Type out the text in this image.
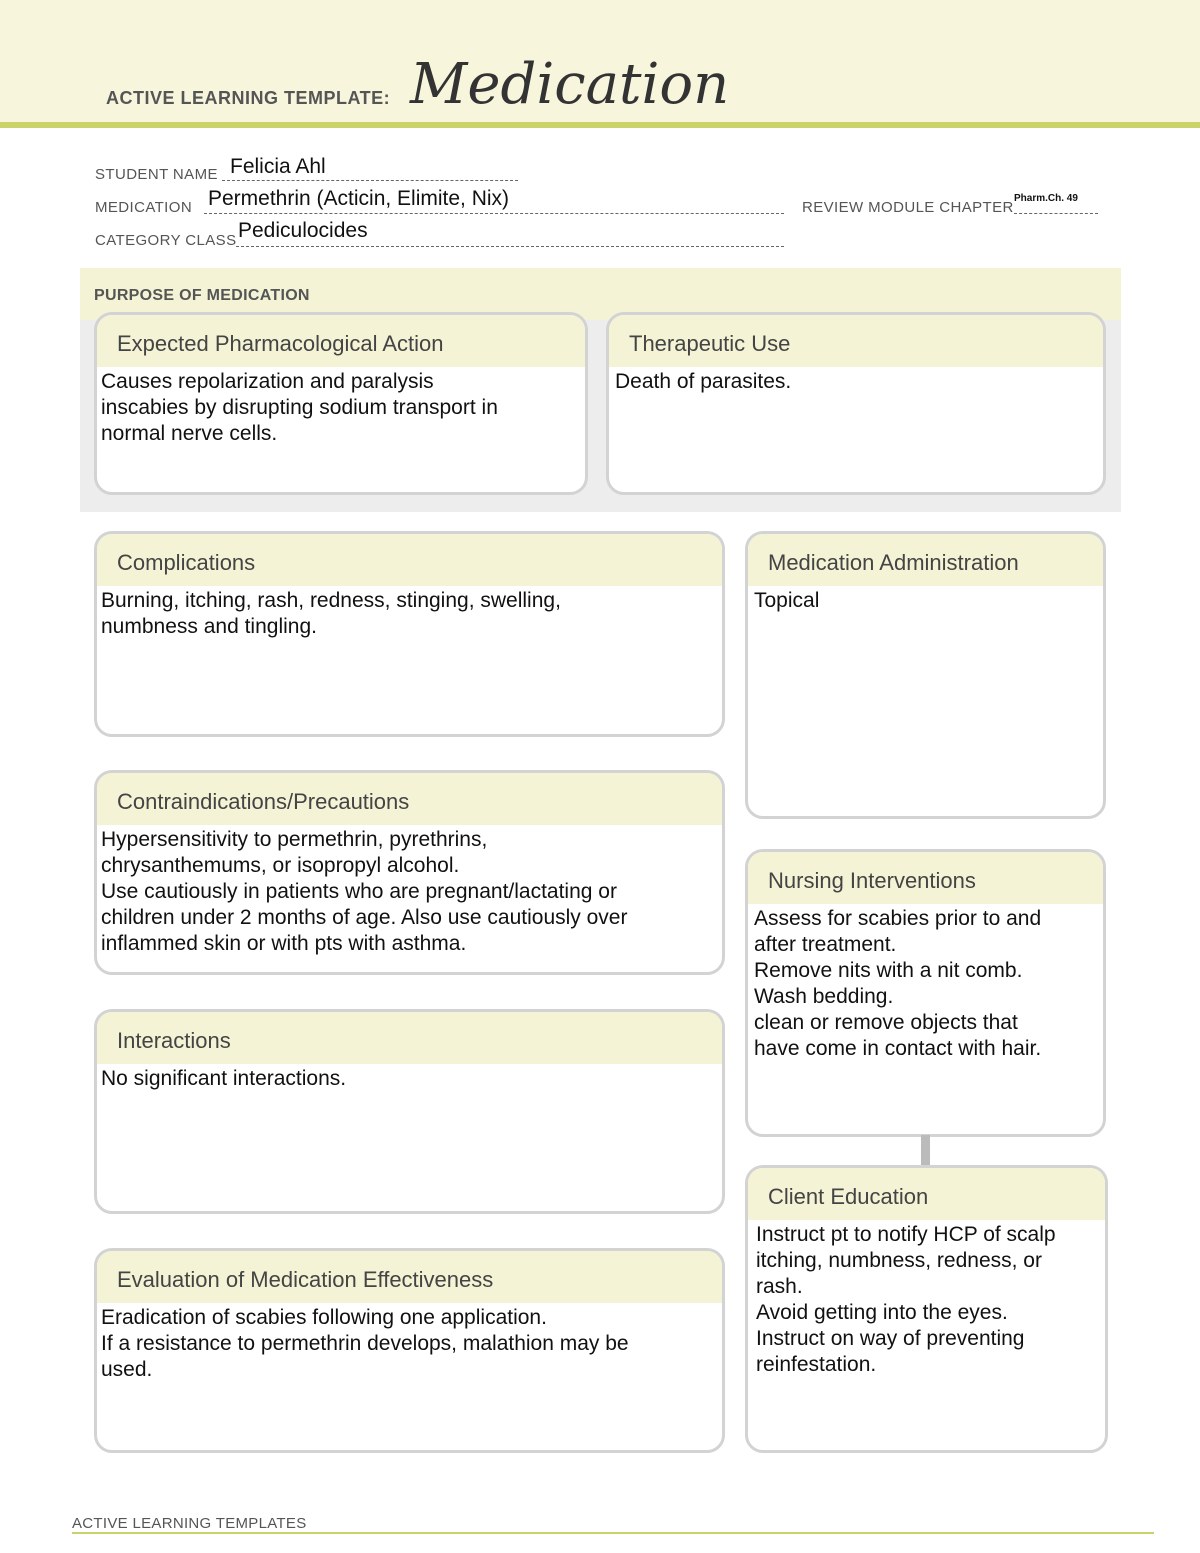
ACTIVE LEARNING TEMPLATE: Medication
STUDENT NAME Felicia Ahl
MEDICATION Permethrin (Acticin, Elimite, Nix)	REVIEW MODULE CHAPTER
Pharm.Ch. 49
CATEGORY CLASS Pediculocides
PURPOSE OF MEDICATION
Expected Pharmacological Action
Causes repolarization and paralysis
inscabies by disrupting sodium transport in
normal nerve cells.
Therapeutic Use
Death of parasites.
Complications
Burning, itching, rash, redness, stinging, swelling,
numbness and tingling.
Contraindications/Precautions
Hypersensitivity to permethrin, pyrethrins,
chrysanthemums, or isopropyl alcohol.
Use cautiously in patients who are pregnant/lactating or
children under 2 months of age. Also use cautiously over
inflammed skin or with pts with asthma.
Interactions
No significant interactions.
Evaluation of Medication Effectiveness
Eradication of scabies following one application.
If a resistance to permethrin develops, malathion may be
used.
Medication Administration
Topical
Nursing Interventions
Assess for scabies prior to and
after treatment.
Remove nits with a nit comb.
Wash bedding.
clean or remove objects that
have come in contact with hair.
Client Education
Instruct pt to notify HCP of scalp
itching, numbness, redness, or
rash.
Avoid getting into the eyes.
Instruct on way of preventing
reinfestation.
ACTIVE LEARNING TEMPLATES
